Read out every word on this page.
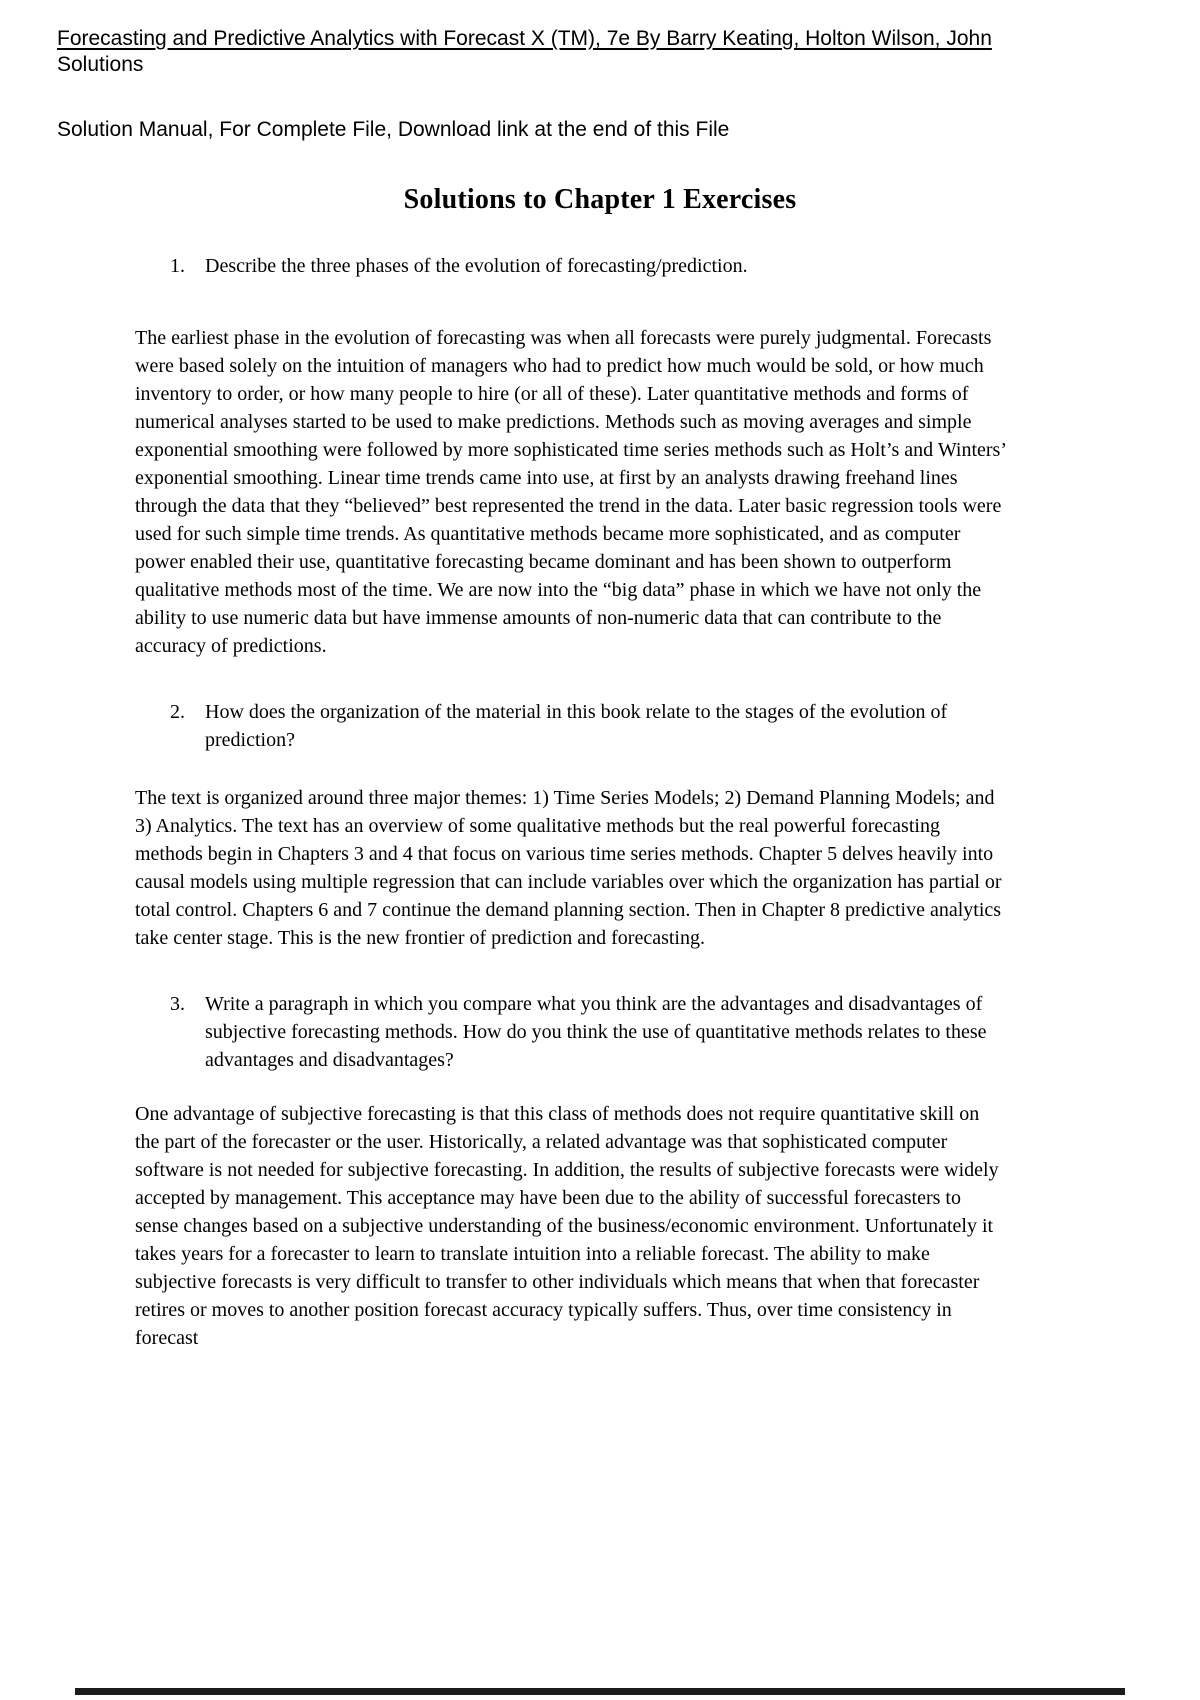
Forecasting and Predictive Analytics with Forecast X (TM), 7e By Barry Keating, Holton Wilson, John
Solutions
Solution Manual, For Complete File, Download link at the end of this File
Solutions to Chapter 1 Exercises
1.	Describe the three phases of the evolution of forecasting/prediction.

The earliest phase in the evolution of forecasting was when all forecasts were purely judgmental. Forecasts were based solely on the intuition of managers who had to predict how much would be sold, or how much inventory to order, or how many people to hire (or all of these). Later quantitative methods and forms of numerical analyses started to be used to make predictions. Methods such as moving averages and simple exponential smoothing were followed by more sophisticated time series methods such as Holt’s and Winters’ exponential smoothing. Linear time trends came into use, at first by an analysts drawing freehand lines through the data that they “believed” best represented the trend in the data. Later basic regression tools were used for such simple time trends. As quantitative methods became more sophisticated, and as computer power enabled their use, quantitative forecasting became dominant and has been shown to outperform qualitative methods most of the time. We are now into the “big data” phase in which we have not only the ability to use numeric data but have immense amounts of non-numeric data that can contribute to the accuracy of predictions.

2.	How does the organization of the material in this book relate to the stages of the evolution of prediction?

The text is organized around three major themes: 1) Time Series Models; 2) Demand Planning Models; and 3) Analytics. The text has an overview of some qualitative methods but the real powerful forecasting methods begin in Chapters 3 and 4 that focus on various time series methods. Chapter 5 delves heavily into causal models using multiple regression that can include variables over which the organization has partial or total control. Chapters 6 and 7 continue the demand planning section. Then in Chapter 8 predictive analytics take center stage. This is the new frontier of prediction and forecasting.

3.	Write a paragraph in which you compare what you think are the advantages and disadvantages of subjective forecasting methods. How do you think the use of quantitative methods relates to these advantages and disadvantages?

One advantage of subjective forecasting is that this class of methods does not require quantitative skill on the part of the forecaster or the user. Historically, a related advantage was that sophisticated computer software is not needed for subjective forecasting. In addition, the results of subjective forecasts were widely accepted by management. This acceptance may have been due to the ability of successful forecasters to sense changes based on a subjective understanding of the business/economic environment. Unfortunately it takes years for a forecaster to learn to translate intuition into a reliable forecast. The ability to make subjective forecasts is very difficult to transfer to other individuals which means that when that forecaster retires or moves to another position forecast accuracy typically suffers. Thus, over time consistency in forecast
